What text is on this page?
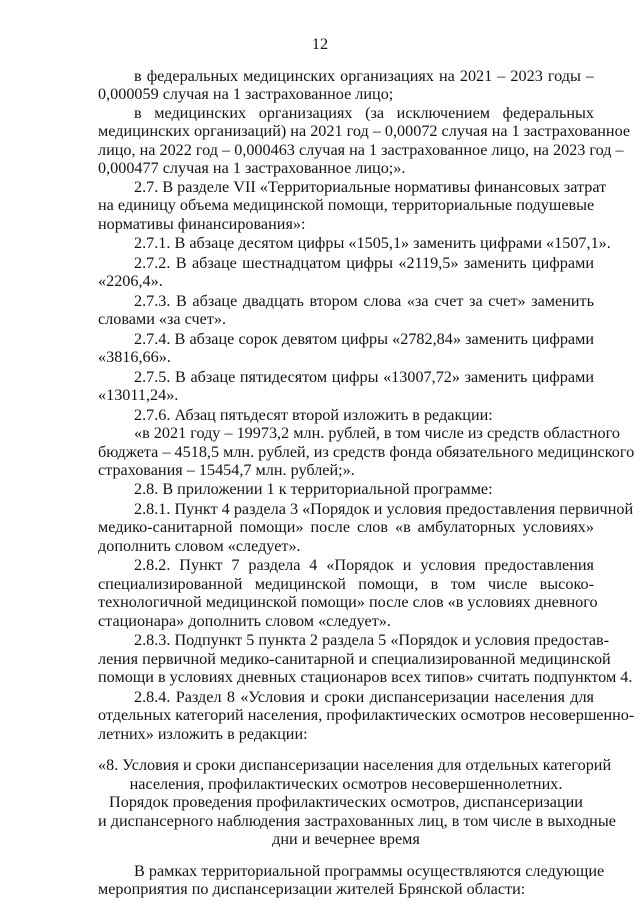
12
в федеральных медицинских организациях на 2021 – 2023 годы –
0,000059 случая на 1 застрахованное лицо;
в медицинских организациях (за исключением федеральных
медицинских организаций) на 2021 год – 0,00072 случая на 1 застрахованное
лицо, на 2022 год – 0,000463 случая на 1 застрахованное лицо, на 2023 год –
0,000477 случая на 1 застрахованное лицо;».
2.7. В разделе VII «Территориальные нормативы финансовых затрат
на единицу объема медицинской помощи, территориальные подушевые
нормативы финансирования»:
2.7.1. В абзаце десятом цифры «1505,1» заменить цифрами «1507,1».
2.7.2. В абзаце шестнадцатом цифры «2119,5» заменить цифрами
«2206,4».
2.7.3. В абзаце двадцать втором слова «за счет за счет» заменить
словами «за счет».
2.7.4. В абзаце сорок девятом цифры «2782,84» заменить цифрами
«3816,66».
2.7.5. В абзаце пятидесятом цифры «13007,72» заменить цифрами
«13011,24».
2.7.6. Абзац пятьдесят второй изложить в редакции:
«в 2021 году – 19973,2 млн. рублей, в том числе из средств областного
бюджета – 4518,5 млн. рублей, из средств фонда обязательного медицинского
страхования – 15454,7 млн. рублей;».
2.8. В приложении 1 к территориальной программе:
2.8.1. Пункт 4 раздела 3 «Порядок и условия предоставления первичной
медико-санитарной помощи» после слов «в амбулаторных условиях»
дополнить словом «следует».
2.8.2. Пункт 7 раздела 4 «Порядок и условия предоставления
специализированной медицинской помощи, в том числе высоко-
технологичной медицинской помощи» после слов «в условиях дневного
стационара» дополнить словом «следует».
2.8.3. Подпункт 5 пункта 2 раздела 5 «Порядок и условия предостав-
ления первичной медико-санитарной и специализированной медицинской
помощи в условиях дневных стационаров всех типов» считать подпунктом 4.
2.8.4. Раздел 8 «Условия и сроки диспансеризации населения для
отдельных категорий населения, профилактических осмотров несовершенно-
летних» изложить в редакции:
«8. Условия и сроки диспансеризации населения для отдельных категорий
населения, профилактических осмотров несовершеннолетних.
Порядок проведения профилактических осмотров, диспансеризации
и диспансерного наблюдения застрахованных лиц, в том числе в выходные
дни и вечернее время
В рамках территориальной программы осуществляются следующие
мероприятия по диспансеризации жителей Брянской области:
